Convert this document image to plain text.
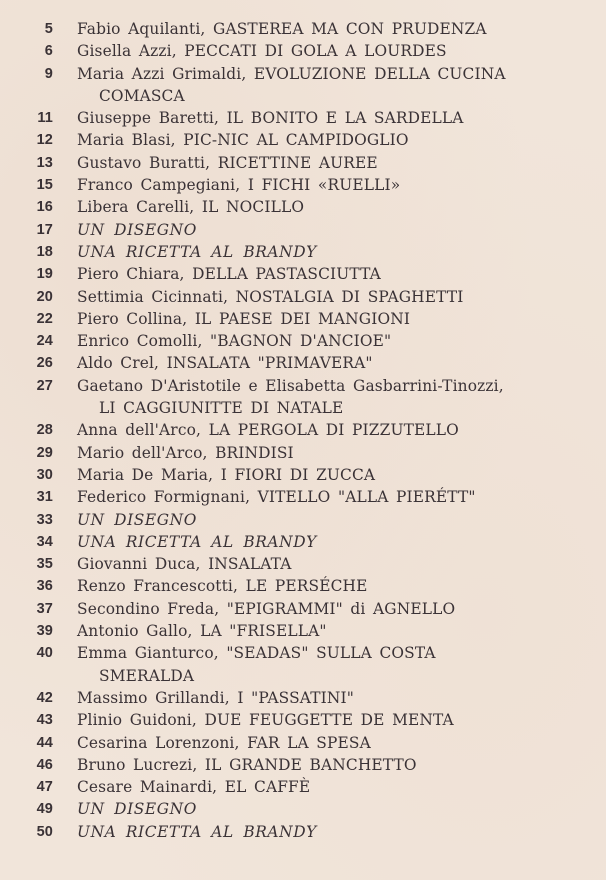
5	Fabio Aquilanti, GASTEREA MA CON PRUDENZA
6	Gisella Azzi, PECCATI DI GOLA A LOURDES
9	Maria Azzi Grimaldi, EVOLUZIONE DELLA CUCINA
COMASCA
11	Giuseppe Baretti, IL BONITO E LA SARDELLA
12	Maria Blasi, PIC-NIC AL CAMPIDOGLIO
13	Gustavo Buratti, RICETTINE AUREE
15	Franco Campegiani, I FICHI «RUELLI»
16	Libera Carelli, IL NOCILLO
17	UN DISEGNO
18	UNA RICETTA AL BRANDY
19	Piero Chiara, DELLA PASTASCIUTTA
20	Settimia Cicinnati, NOSTALGIA DI SPAGHETTI
22	Piero Collina, IL PAESE DEI MANGIONI
24	Enrico Comolli, "BAGNON D'ANCIOE"
26	Aldo Crel, INSALATA "PRIMAVERA"
27	Gaetano D'Aristotile e Elisabetta Gasbarrini-Tinozzi,
LI CAGGIUNITTE DI NATALE
28	Anna dell'Arco, LA PERGOLA DI PIZZUTELLO
29	Mario dell'Arco, BRINDISI
30	Maria De Maria, I FIORI DI ZUCCA
31	Federico Formignani, VITELLO "ALLA PIERÉTT"
33	UN DISEGNO
34	UNA RICETTA AL BRANDY
35	Giovanni Duca, INSALATA
36	Renzo Francescotti, LE PERSÉCHE
37	Secondino Freda, "EPIGRAMMI" di AGNELLO
39	Antonio Gallo, LA "FRISELLA"
40	Emma Gianturco, "SEADAS" SULLA COSTA
SMERALDA
42	Massimo Grillandi, I "PASSATINI"
43	Plinio Guidoni, DUE FEUGGETTE DE MENTA
44	Cesarina Lorenzoni, FAR LA SPESA
46	Bruno Lucrezi, IL GRANDE BANCHETTO
47	Cesare Mainardi, EL CAFFÈ
49	UN DISEGNO
50	UNA RICETTA AL BRANDY
